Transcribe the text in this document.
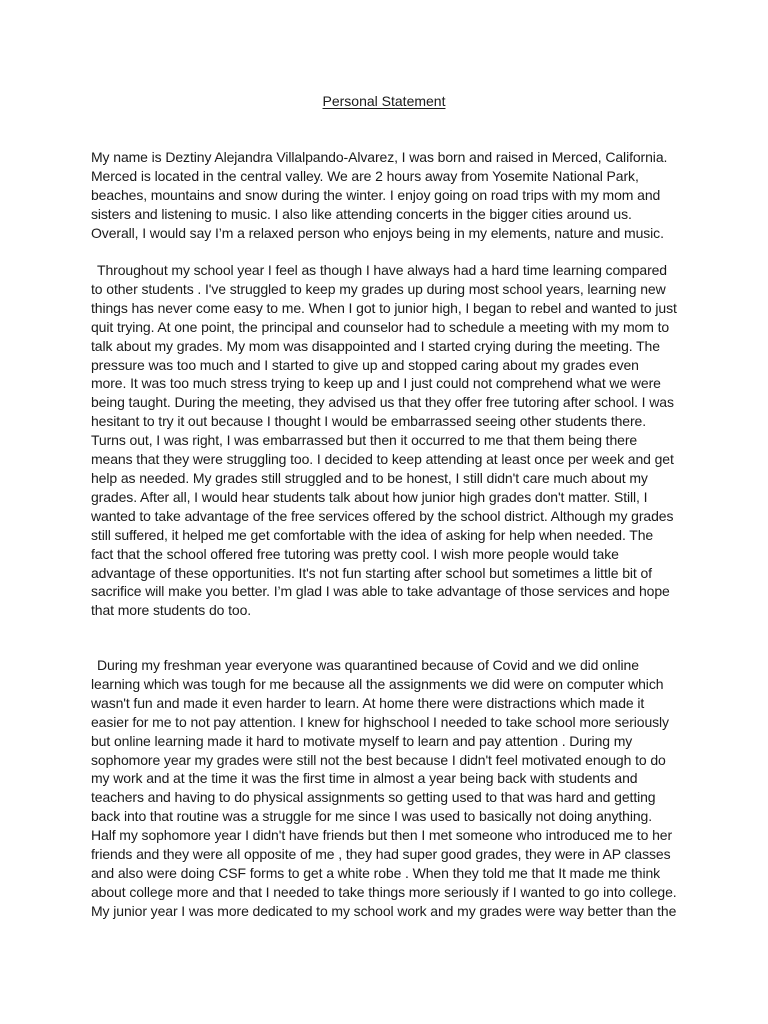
Personal Statement
My name is Deztiny Alejandra Villalpando-Alvarez, I was born and raised in Merced, California.
Merced is located in the central valley. We are 2 hours away from Yosemite National Park,
beaches, mountains and snow during the winter. I enjoy going on road trips with my mom and
sisters and listening to music. I also like attending concerts in the bigger cities around us.
Overall, I would say I’m a relaxed person who enjoys being in my elements, nature and music.
Throughout my school year I feel as though I have always had a hard time learning compared
to other students . I've struggled to keep my grades up during most school years, learning new
things has never come easy to me. When I got to junior high, I began to rebel and wanted to just
quit trying. At one point, the principal and counselor had to schedule a meeting with my mom to
talk about my grades. My mom was disappointed and I started crying during the meeting. The
pressure was too much and I started to give up and stopped caring about my grades even
more. It was too much stress trying to keep up and I just could not comprehend what we were
being taught. During the meeting, they advised us that they offer free tutoring after school. I was
hesitant to try it out because I thought I would be embarrassed seeing other students there.
Turns out, I was right, I was embarrassed but then it occurred to me that them being there
means that they were struggling too. I decided to keep attending at least once per week and get
help as needed. My grades still struggled and to be honest, I still didn't care much about my
grades. After all, I would hear students talk about how junior high grades don't matter. Still, I
wanted to take advantage of the free services offered by the school district. Although my grades
still suffered, it helped me get comfortable with the idea of asking for help when needed. The
fact that the school offered free tutoring was pretty cool. I wish more people would take
advantage of these opportunities. It's not fun starting after school but sometimes a little bit of
sacrifice will make you better. I’m glad I was able to take advantage of those services and hope
that more students do too.
During my freshman year everyone was quarantined because of Covid and we did online
learning which was tough for me because all the assignments we did were on computer which
wasn't fun and made it even harder to learn. At home there were distractions which made it
easier for me to not pay attention. I knew for highschool I needed to take school more seriously
but online learning made it hard to motivate myself to learn and pay attention . During my
sophomore year my grades were still not the best because I didn't feel motivated enough to do
my work and at the time it was the first time in almost a year being back with students and
teachers and having to do physical assignments so getting used to that was hard and getting
back into that routine was a struggle for me since I was used to basically not doing anything.
Half my sophomore year I didn't have friends but then I met someone who introduced me to her
friends and they were all opposite of me , they had super good grades, they were in AP classes
and also were doing CSF forms to get a white robe . When they told me that It made me think
about college more and that I needed to take things more seriously if I wanted to go into college.
My junior year I was more dedicated to my school work and my grades were way better than the
